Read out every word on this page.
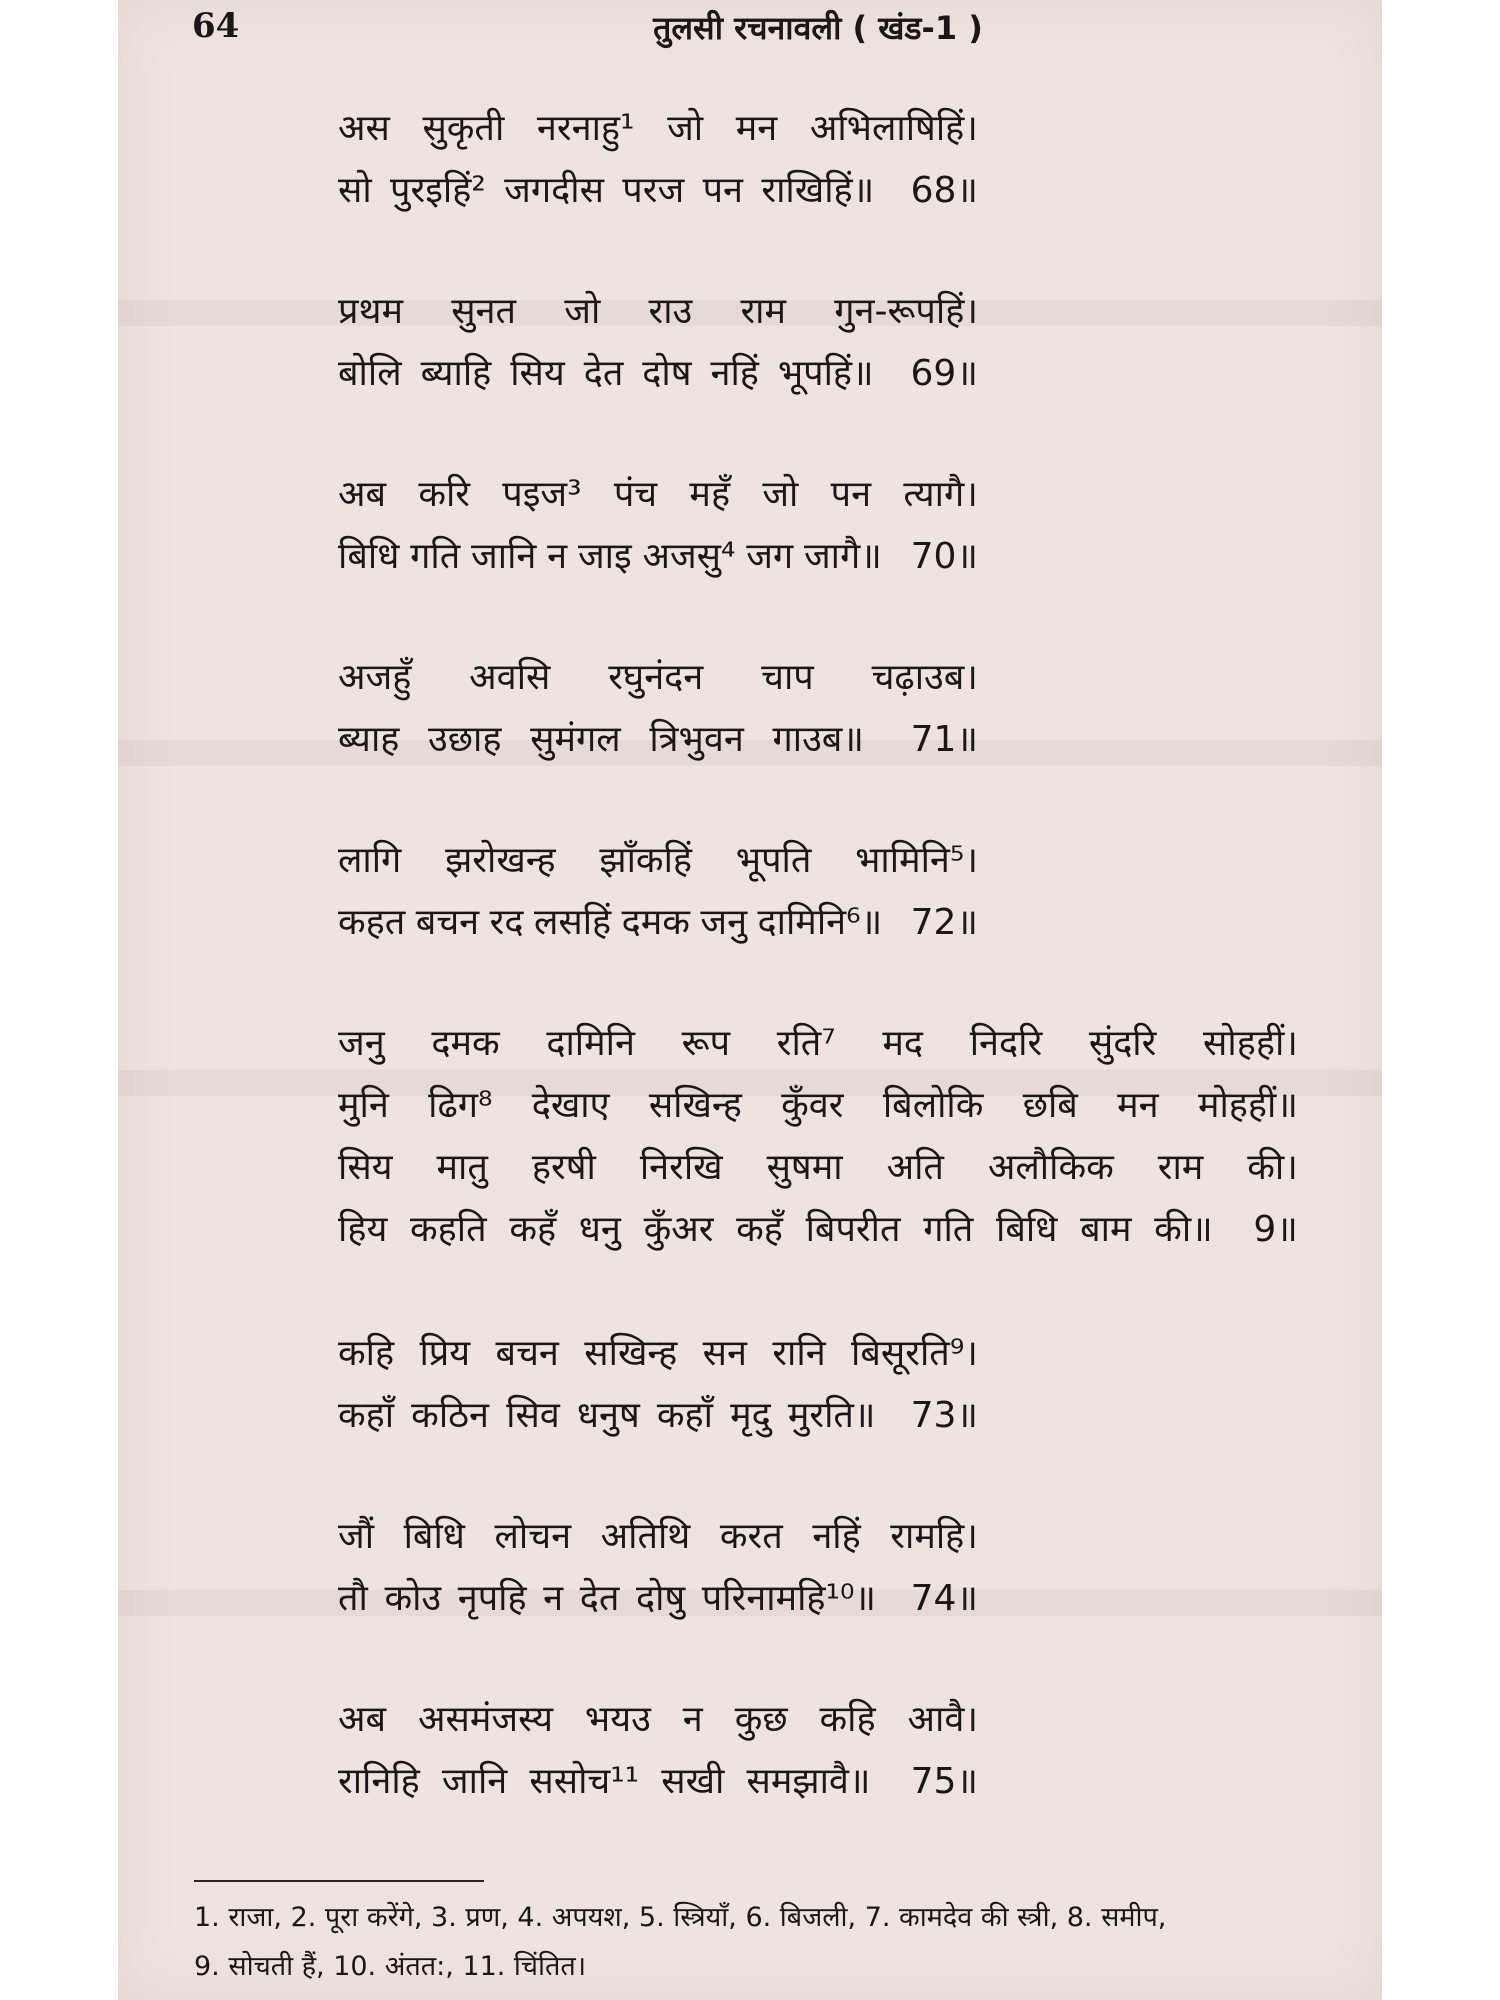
64	तुलसी रचनावली ( खंड-1 )
अस सुकृती नरनाहु¹ जो मन अभिलाषिहिं।
सो पुरइहिं² जगदीस परज पन राखिहिं॥ 68॥
प्रथम सुनत जो राउ राम गुन-रूपहिं।
बोलि ब्याहि सिय देत दोष नहिं भूपहिं॥ 69॥
अब करि पइज³ पंच महँ जो पन त्यागै।
बिधि गति जानि न जाइ अजसु⁴ जग जागै॥ 70॥
अजहुँ अवसि रघुनंदन चाप चढ़ाउब।
ब्याह उछाह सुमंगल त्रिभुवन गाउब॥ 71॥
लागि झरोखन्ह झाँकहिं भूपति भामिनि⁵।
कहत बचन रद लसहिं दमक जनु दामिनि⁶॥ 72॥
जनु दमक दामिनि रूप रति⁷ मद निदरि सुंदरि सोहहीं।
मुनि ढिग⁸ देखाए सखिन्ह कुँवर बिलोकि छबि मन मोहहीं॥
सिय मातु हरषी निरखि सुषमा अति अलौकिक राम की।
हिय कहति कहँ धनु कुँअर कहँ बिपरीत गति बिधि बाम की॥ 9॥
कहि प्रिय बचन सखिन्ह सन रानि बिसूरति⁹।
कहाँ कठिन सिव धनुष कहाँ मृदु मुरति॥ 73॥
जौं बिधि लोचन अतिथि करत नहिं रामहि।
तौ कोउ नृपहि न देत दोषु परिनामहि¹⁰॥ 74॥
अब असमंजस्य भयउ न कुछ कहि आवै।
रानिहि जानि ससोच¹¹ सखी समझावै॥ 75॥
1. राजा, 2. पूरा करेंगे, 3. प्रण, 4. अपयश, 5. स्त्रियाँ, 6. बिजली, 7. कामदेव की स्त्री, 8. समीप,
9. सोचती हैं, 10. अंतत:, 11. चिंतित।
